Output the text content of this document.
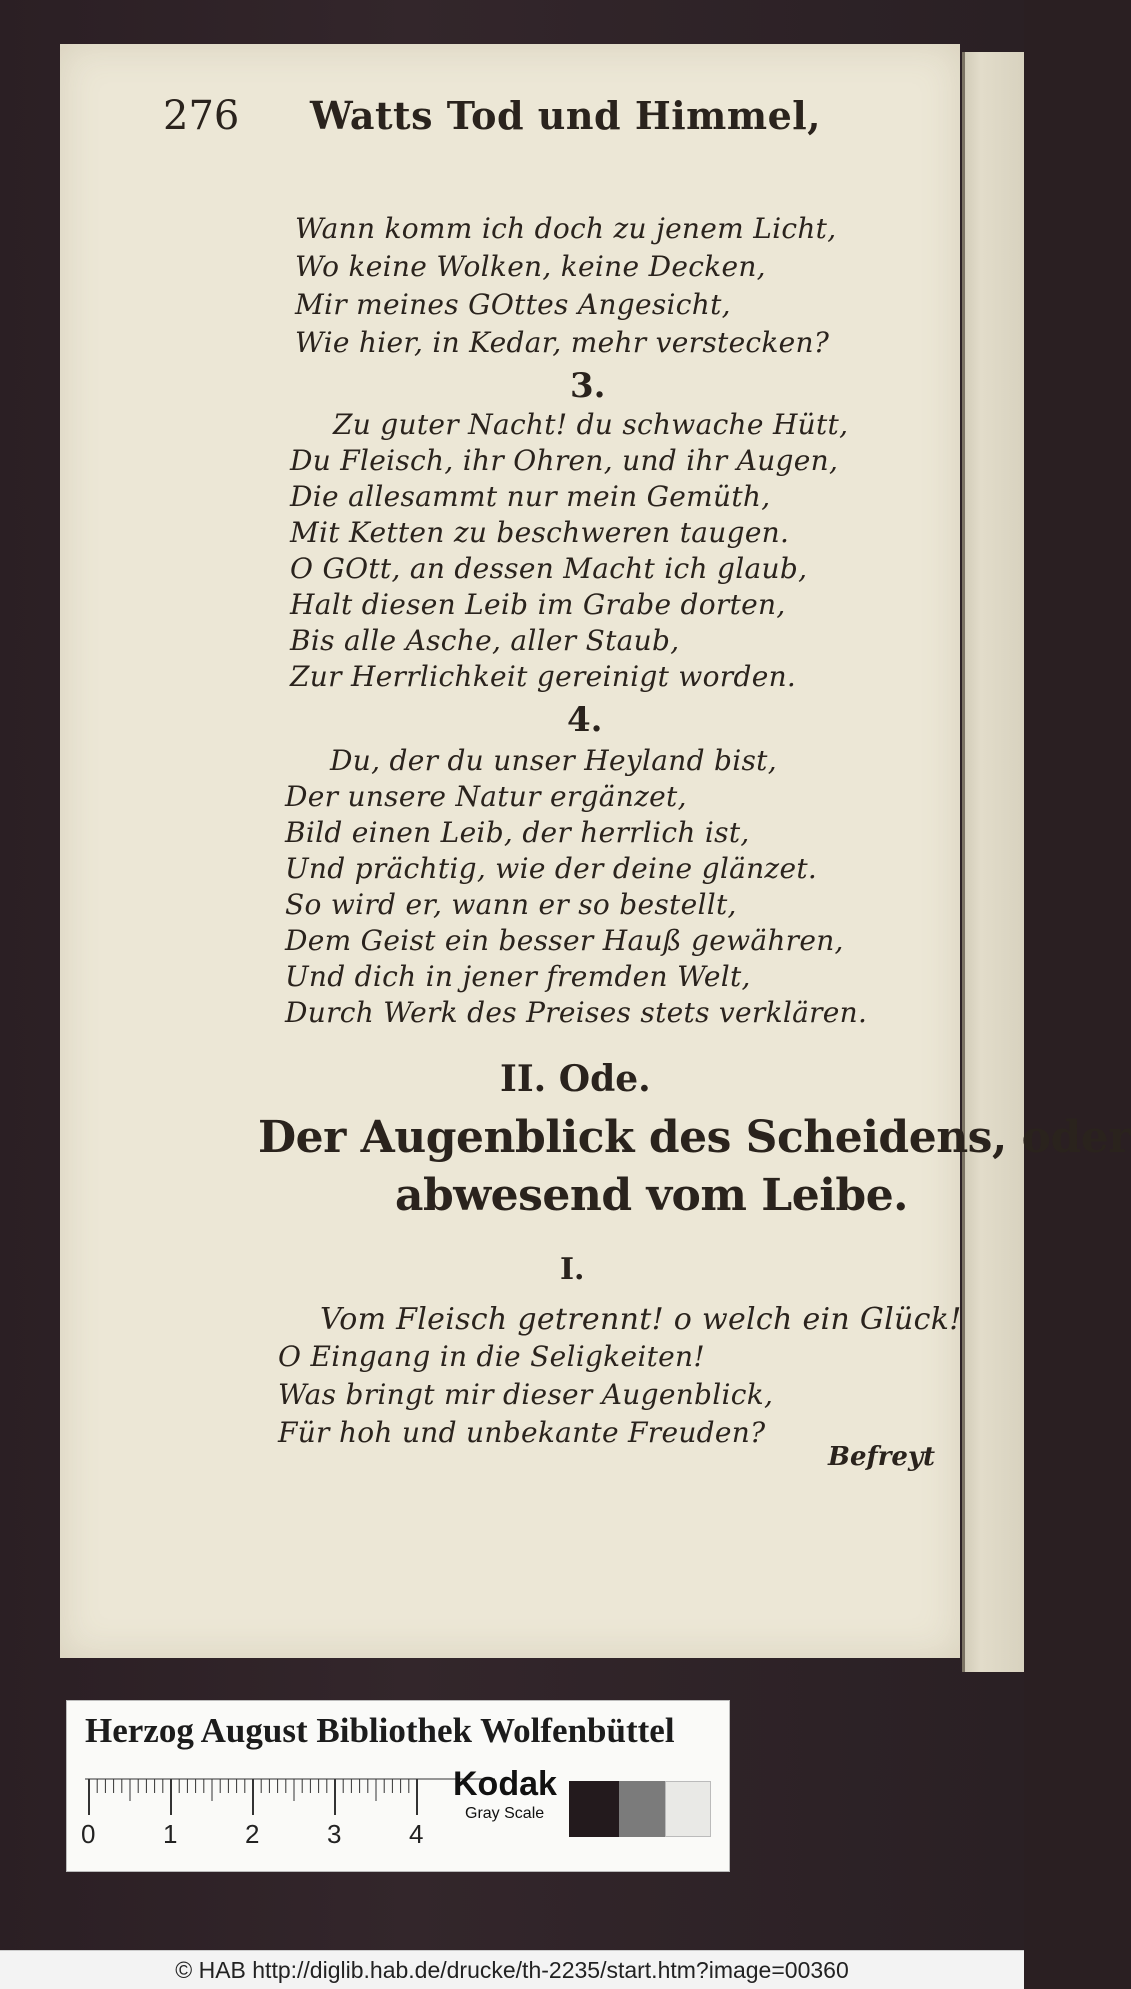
276 Watts Tod und Himmel,
Wann komm ich doch zu jenem Licht,
Wo keine Wolken, keine Decken,
Mir meines GOttes Angesicht,
Wie hier, in Kedar, mehr verstecken?
3.
Zu guter Nacht! du schwache Hütt,
Du Fleisch, ihr Ohren, und ihr Augen,
Die allesammt nur mein Gemüth,
Mit Ketten zu beschweren taugen.
O GOtt, an dessen Macht ich glaub,
Halt diesen Leib im Grabe dorten,
Bis alle Asche, aller Staub,
Zur Herrlichkeit gereinigt worden.
4.
Du, der du unser Heyland bist,
Der unsere Natur ergänzet,
Bild einen Leib, der herrlich ist,
Und prächtig, wie der deine glänzet.
So wird er, wann er so bestellt,
Dem Geist ein besser Hauß gewähren,
Und dich in jener fremden Welt,
Durch Werk des Preises stets verklären.
II. Ode.
Der Augenblick des Scheidens, oder
abwesend vom Leibe.
I.
Vom Fleisch getrennt! o welch ein Glück!
O Eingang in die Seligkeiten!
Was bringt mir dieser Augenblick,
Für hoh und unbekante Freuden?
Befreyt
Herzog August Bibliothek Wolfenbüttel
0	1	2	3	4
Kodak
Gray Scale
© HAB http://diglib.hab.de/drucke/th-2235/start.htm?image=00360
